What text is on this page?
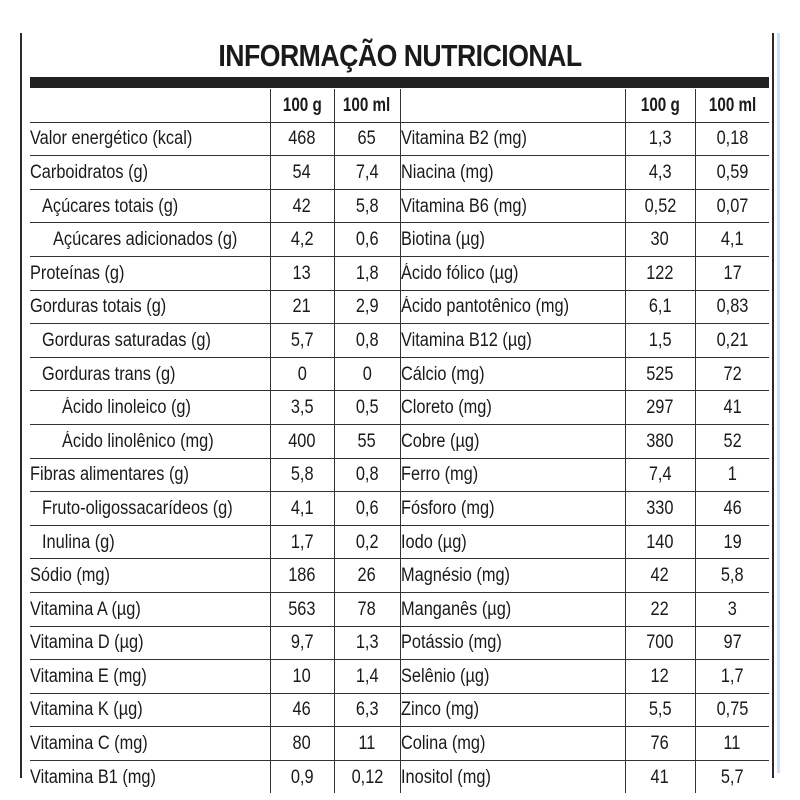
INFORMAÇÃO NUTRICIONAL
	100 g	100 ml		100 g	100 ml
Valor energético (kcal)	468	65	Vitamina B2 (mg)	1,3	0,18
Carboidratos (g)	54	7,4	Niacina (mg)	4,3	0,59
Açúcares totais (g)	42	5,8	Vitamina B6 (mg)	0,52	0,07
Açúcares adicionados (g)	4,2	0,6	Biotina (µg)	30	4,1
Proteínas (g)	13	1,8	Ácido fólico (µg)	122	17
Gorduras totais (g)	21	2,9	Ácido pantotênico (mg)	6,1	0,83
Gorduras saturadas (g)	5,7	0,8	Vitamina B12 (µg)	1,5	0,21
Gorduras trans (g)	0	0	Cálcio (mg)	525	72
Ácido linoleico (g)	3,5	0,5	Cloreto (mg)	297	41
Ácido linolênico (mg)	400	55	Cobre (µg)	380	52
Fibras alimentares (g)	5,8	0,8	Ferro (mg)	7,4	1
Fruto-oligossacarídeos (g)	4,1	0,6	Fósforo (mg)	330	46
Inulina (g)	1,7	0,2	Iodo (µg)	140	19
Sódio (mg)	186	26	Magnésio (mg)	42	5,8
Vitamina A (µg)	563	78	Manganês (µg)	22	3
Vitamina D (µg)	9,7	1,3	Potássio (mg)	700	97
Vitamina E (mg)	10	1,4	Selênio (µg)	12	1,7
Vitamina K (µg)	46	6,3	Zinco (mg)	5,5	0,75
Vitamina C (mg)	80	11	Colina (mg)	76	11
Vitamina B1 (mg)	0,9	0,12	Inositol (mg)	41	5,7
